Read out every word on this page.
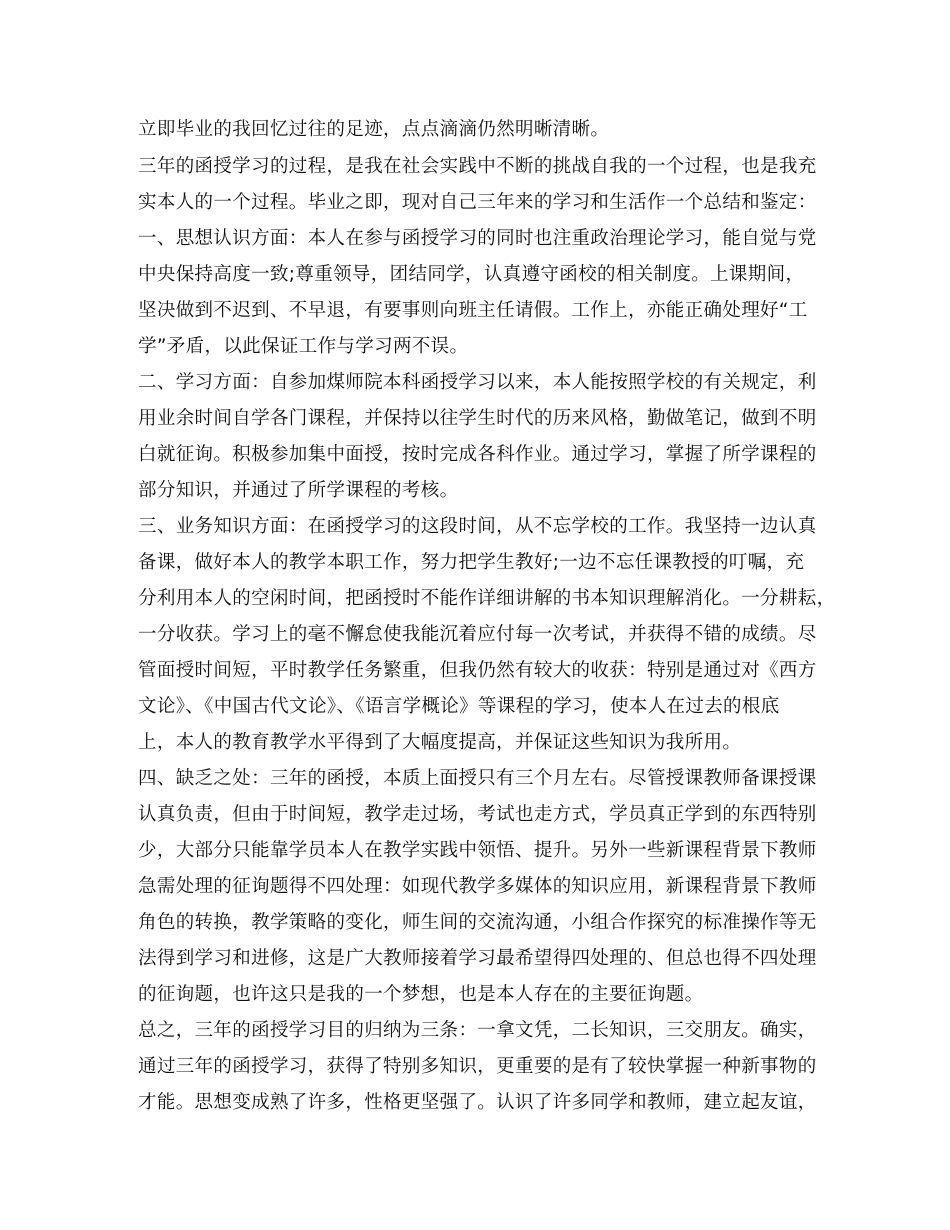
立即毕业的我回忆过往的足迹，点点滴滴仍然明晰清晰。
三年的函授学习的过程，是我在社会实践中不断的挑战自我的一个过程，也是我充
实本人的一个过程。毕业之即，现对自己三年来的学习和生活作一个总结和鉴定：
一、思想认识方面：本人在参与函授学习的同时也注重政治理论学习，能自觉与党
中央保持高度一致;尊重领导，团结同学，认真遵守函校的相关制度。上课期间，
坚决做到不迟到、不早退，有要事则向班主任请假。工作上，亦能正确处理好“工
学”矛盾，以此保证工作与学习两不误。
二、学习方面：自参加煤师院本科函授学习以来，本人能按照学校的有关规定，利
用业余时间自学各门课程，并保持以往学生时代的历来风格，勤做笔记，做到不明
白就征询。积极参加集中面授，按时完成各科作业。通过学习，掌握了所学课程的
部分知识，并通过了所学课程的考核。
三、业务知识方面：在函授学习的这段时间，从不忘学校的工作。我坚持一边认真
备课，做好本人的教学本职工作，努力把学生教好;一边不忘任课教授的叮嘱，充
分利用本人的空闲时间，把函授时不能作详细讲解的书本知识理解消化。一分耕耘，
一分收获。学习上的毫不懈怠使我能沉着应付每一次考试，并获得不错的成绩。尽
管面授时间短，平时教学任务繁重，但我仍然有较大的收获：特别是通过对《西方
文论》、《中国古代文论》、《语言学概论》等课程的学习，使本人在过去的根底
上，本人的教育教学水平得到了大幅度提高，并保证这些知识为我所用。
四、缺乏之处：三年的函授，本质上面授只有三个月左右。尽管授课教师备课授课
认真负责，但由于时间短，教学走过场，考试也走方式，学员真正学到的东西特别
少，大部分只能靠学员本人在教学实践中领悟、提升。另外一些新课程背景下教师
急需处理的征询题得不四处理：如现代教学多媒体的知识应用，新课程背景下教师
角色的转换，教学策略的变化，师生间的交流沟通，小组合作探究的标准操作等无
法得到学习和进修，这是广大教师接着学习最希望得四处理的、但总也得不四处理
的征询题，也许这只是我的一个梦想，也是本人存在的主要征询题。
总之，三年的函授学习目的归纳为三条：一拿文凭，二长知识，三交朋友。确实，
通过三年的函授学习，获得了特别多知识，更重要的是有了较快掌握一种新事物的
才能。思想变成熟了许多，性格更坚强了。认识了许多同学和教师，建立起友谊，
